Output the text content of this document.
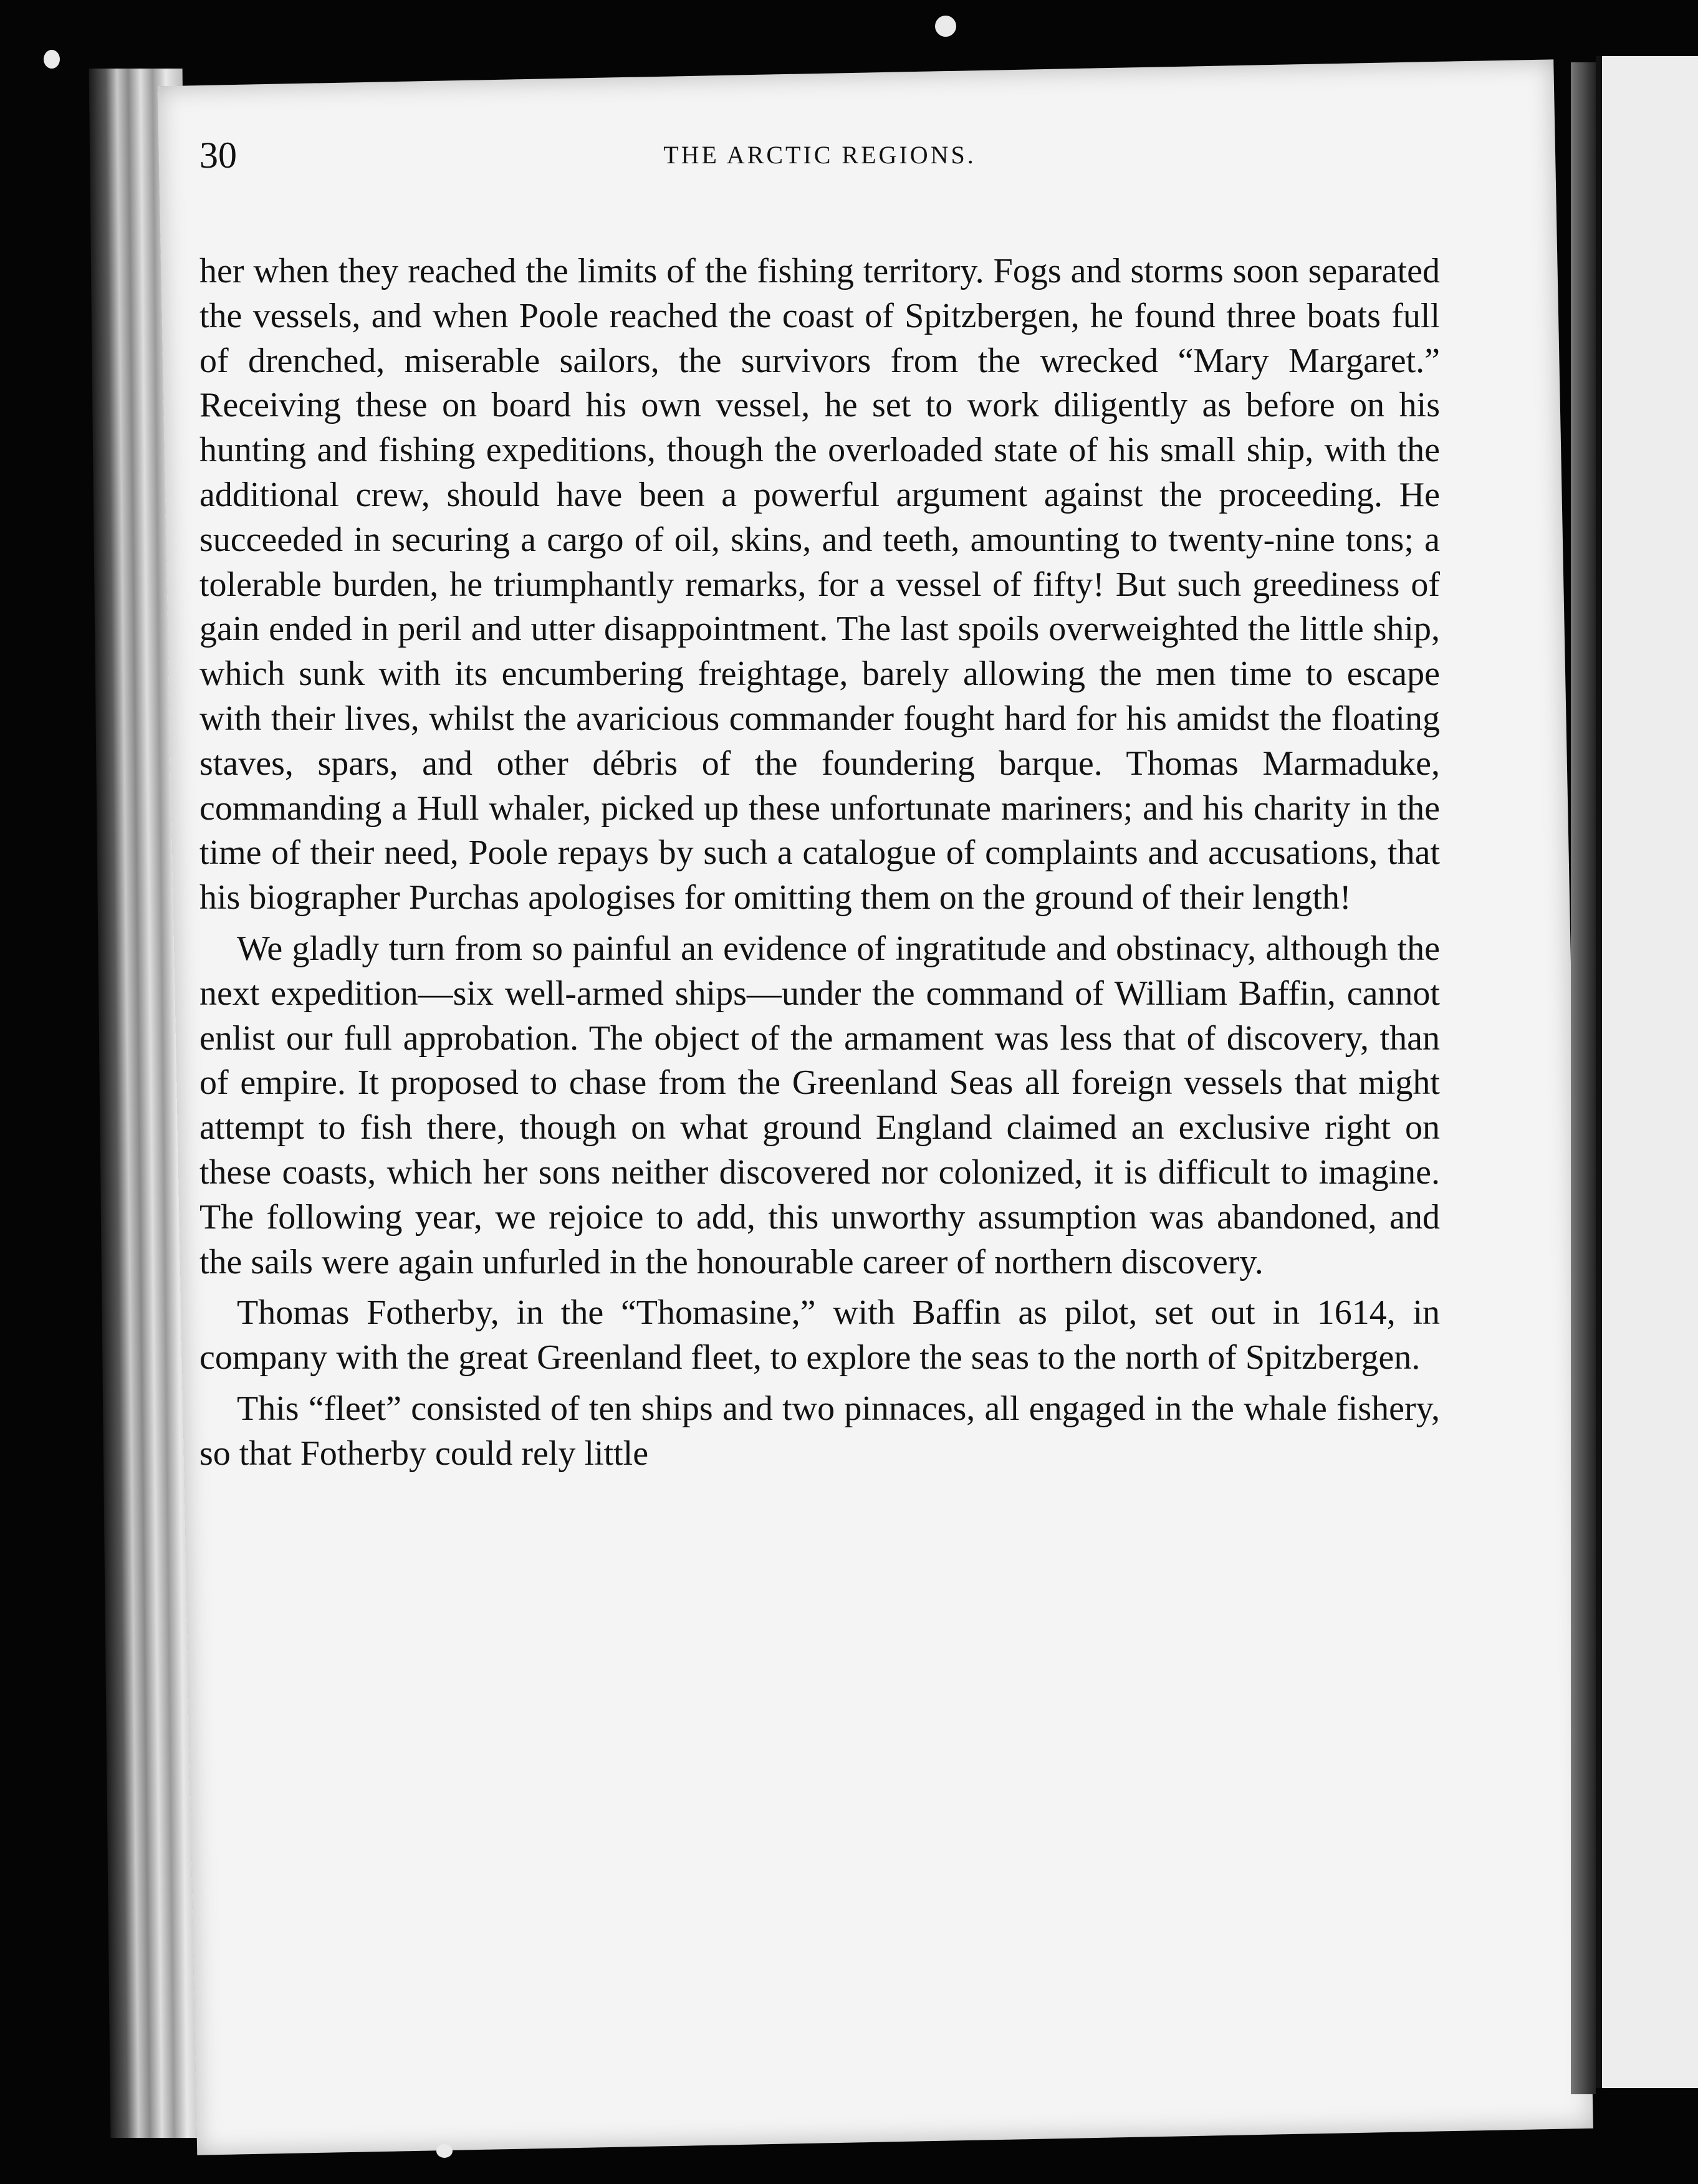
30	THE ARCTIC REGIONS.

her when they reached the limits of the fishing territory. Fogs and storms soon separated the vessels, and when Poole reached the coast of Spitzbergen, he found three boats full of drenched, miserable sailors, the survivors from the wrecked “Mary Margaret.” Receiving these on board his own vessel, he set to work diligently as before on his hunting and fishing expeditions, though the overloaded state of his small ship, with the additional crew, should have been a powerful argument against the proceeding. He succeeded in securing a cargo of oil, skins, and teeth, amounting to twenty-nine tons; a tolerable burden, he triumphantly remarks, for a vessel of fifty! But such greediness of gain ended in peril and utter disappointment. The last spoils overweighted the little ship, which sunk with its encumbering freightage, barely allowing the men time to escape with their lives, whilst the avaricious commander fought hard for his amidst the floating staves, spars, and other débris of the foundering barque. Thomas Marmaduke, commanding a Hull whaler, picked up these unfortunate mariners; and his charity in the time of their need, Poole repays by such a catalogue of complaints and accusations, that his biographer Purchas apologises for omitting them on the ground of their length!

We gladly turn from so painful an evidence of ingratitude and obstinacy, although the next expedition—six well-armed ships—under the command of William Baffin, cannot enlist our full approbation. The object of the armament was less that of discovery, than of empire. It proposed to chase from the Greenland Seas all foreign vessels that might attempt to fish there, though on what ground England claimed an exclusive right on these coasts, which her sons neither discovered nor colonized, it is difficult to imagine. The following year, we rejoice to add, this unworthy assumption was abandoned, and the sails were again unfurled in the honourable career of northern discovery.

Thomas Fotherby, in the “Thomasine,” with Baffin as pilot, set out in 1614, in company with the great Greenland fleet, to explore the seas to the north of Spitzbergen.

This “fleet” consisted of ten ships and two pinnaces, all engaged in the whale fishery, so that Fotherby could rely little
